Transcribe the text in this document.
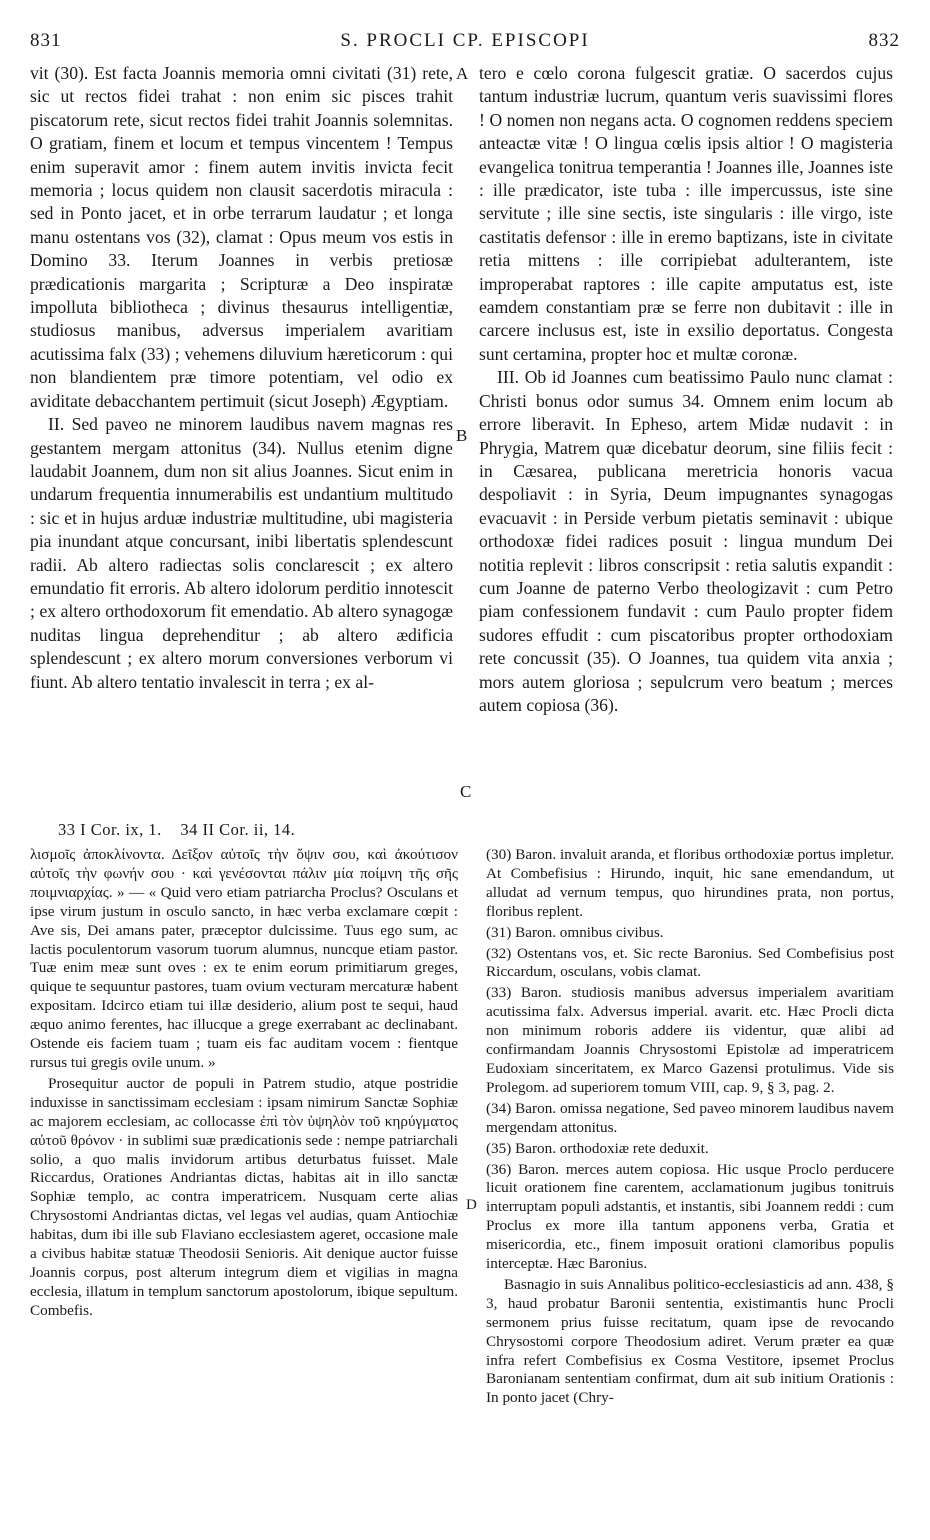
831	S. PROCLI CP. EPISCOPI	832

vit (30). Est facta Joannis memoria omni civitati (31) rete, sic ut rectos fidei trahat : non enim sic pisces trahit piscatorum rete, sicut rectos fidei trahit Joannis solemnitas. O gratiam, finem et locum et tempus vincentem ! Tempus enim superavit amor : finem autem invitis invicta fecit memoria ; locus quidem non clausit sacerdotis miracula : sed in Ponto jacet, et in orbe terrarum laudatur ; et longa manu ostentans vos (32), clamat : Opus meum vos estis in Domino 33. Iterum Joannes in verbis pretiosæ prædicationis margarita ; Scripturæ a Deo inspiratæ impolluta bibliotheca ; divinus thesaurus intelligentiæ, studiosus manibus, adversus imperialem avaritiam acutissima falx (33) ; vehemens diluvium hæreticorum : qui non blandientem præ timore potentiam, vel odio ex aviditate debacchantem pertimuit (sicut Joseph) Ægyptiam.

II. Sed paveo ne minorem laudibus navem magnas res gestantem mergam attonitus (34). Nullus etenim digne laudabit Joannem, dum non sit alius Joannes. Sicut enim in undarum frequentia innumerabilis est undantium multitudo : sic et in hujus arduæ industriæ multitudine, ubi magisteria pia inundant atque concursant, inibi libertatis splendescunt radii. Ab altero radiectas solis conclarescit ; ex altero emundatio fit erroris. Ab altero idolorum perditio innotescit ; ex altero orthodoxorum fit emendatio. Ab altero synagogæ nuditas lingua deprehenditur ; ab altero ædificia splendescunt ; ex altero morum conversiones verborum vi fiunt. Ab altero tentatio invalescit in terra ; ex al-

tero e cœlo corona fulgescit gratiæ. O sacerdos cujus tantum industriæ lucrum, quantum veris suavissimi flores ! O nomen non negans acta. O cognomen reddens speciem anteactæ vitæ ! O lingua cœlis ipsis altior ! O magisteria evangelica tonitrua temperantia ! Joannes ille, Joannes iste : ille prædicator, iste tuba : ille impercussus, iste sine servitute ; ille sine sectis, iste singularis : ille virgo, iste castitatis defensor : ille in eremo baptizans, iste in civitate retia mittens : ille corripiebat adulterantem, iste improperabat raptores : ille capite amputatus est, iste eamdem constantiam præ se ferre non dubitavit : ille in carcere inclusus est, iste in exsilio deportatus. Congesta sunt certamina, propter hoc et multæ coronæ.

III. Ob id Joannes cum beatissimo Paulo nunc clamat : Christi bonus odor sumus 34. Omnem enim locum ab errore liberavit. In Epheso, artem Midæ nudavit : in Phrygia, Matrem quæ dicebatur deorum, sine filiis fecit : in Cæsarea, publicana meretricia honoris vacua despoliavit : in Syria, Deum impugnantes synagogas evacuavit : in Perside verbum pietatis seminavit : ubique orthodoxæ fidei radices posuit : lingua mundum Dei notitia replevit : libros conscripsit : retia salutis expandit : cum Joanne de paterno Verbo theologizavit : cum Petro piam confessionem fundavit : cum Paulo propter fidem sudores effudit : cum piscatoribus propter orthodoxiam rete concussit (35). O Joannes, tua quidem vita anxia ; mors autem gloriosa ; sepulcrum vero beatum ; merces autem copiosa (36).

A
B
C
D
33 I Cor. ix, 1. 34 II Cor. ii, 14.

λισμοῖς ἀποκλίνοντα. Δεῖξον αὐτοῖς τὴν ὄψιν σου, καὶ ἀκούτισον αὐτοῖς τὴν φωνήν σου · καὶ γενέσονται πάλιν μία ποίμνη τῆς σῆς ποιμνιαρχίας. » — « Quid vero etiam patriarcha Proclus? Osculans et ipse virum justum in osculo sancto, in hæc verba exclamare cœpit : Ave sis, Dei amans pater, præceptor dulcissime. Tuus ego sum, ac lactis poculentorum vasorum tuorum alumnus, nuncque etiam pastor. Tuæ enim meæ sunt oves : ex te enim eorum primitiarum greges, quique te sequuntur pastores, tuam ovium vecturam mercaturæ habent expositam. Idcirco etiam tui illæ desiderio, alium post te sequi, haud æquo animo ferentes, hac illucque a grege exerrabant ac declinabant. Ostende eis faciem tuam ; tuam eis fac auditam vocem : fientque rursus tui gregis ovile unum. »

Prosequitur auctor de populi in Patrem studio, atque postridie induxisse in sanctissimam ecclesiam : ipsam nimirum Sanctæ Sophiæ ac majorem ecclesiam, ac collocasse ἐπὶ τὸν ὑψηλὸν τοῦ κηρύγματος αὐτοῦ θρόνον · in sublimi suæ prædicationis sede : nempe patriarchali solio, a quo malis invidorum artibus deturbatus fuisset. Male Riccardus, Orationes Andriantas dictas, habitas ait in illo sanctæ Sophiæ templo, ac contra imperatricem. Nusquam certe alias Chrysostomi Andriantas dictas, vel legas vel audias, quam Antiochiæ habitas, dum ibi ille sub Flaviano ecclesiastem ageret, occasione male a civibus habitæ statuæ Theodosii Senioris. Ait denique auctor fuisse Joannis corpus, post alterum integrum diem et vigilias in magna ecclesia, illatum in templum sanctorum apostolorum, ibique sepultum. Combefis.

(30) Baron. invaluit aranda, et floribus orthodoxiæ portus impletur. At Combefisius : Hirundo, inquit, hic sane emendandum, ut alludat ad vernum tempus, quo hirundines prata, non portus, floribus replent.

(31) Baron. omnibus civibus.

(32) Ostentans vos, et. Sic recte Baronius. Sed Combefisius post Riccardum, osculans, vobis clamat.

(33) Baron. studiosis manibus adversus imperialem avaritiam acutissima falx. Adversus imperial. avarit. etc. Hæc Procli dicta non minimum roboris addere iis videntur, quæ alibi ad confirmandam Joannis Chrysostomi Epistolæ ad imperatricem Eudoxiam sinceritatem, ex Marco Gazensi protulimus. Vide sis Prolegom. ad superiorem tomum VIII, cap. 9, § 3, pag. 2.

(34) Baron. omissa negatione, Sed paveo minorem laudibus navem mergendam attonitus.

(35) Baron. orthodoxiæ rete deduxit.

(36) Baron. merces autem copiosa. Hic usque Proclo perducere licuit orationem fine carentem, acclamationum jugibus tonitruis interruptam populi adstantis, et instantis, sibi Joannem reddi : cum Proclus ex more illa tantum apponens verba, Gratia et misericordia, etc., finem imposuit orationi clamoribus populis interceptæ. Hæc Baronius.

Basnagio in suis Annalibus politico-ecclesiasticis ad ann. 438, § 3, haud probatur Baronii sententia, existimantis hunc Procli sermonem prius fuisse recitatum, quam ipse de revocando Chrysostomi corpore Theodosium adiret. Verum præter ea quæ infra refert Combefisius ex Cosma Vestitore, ipsemet Proclus Baronianam sententiam confirmat, dum ait sub initium Orationis : In ponto jacet (Chry-
